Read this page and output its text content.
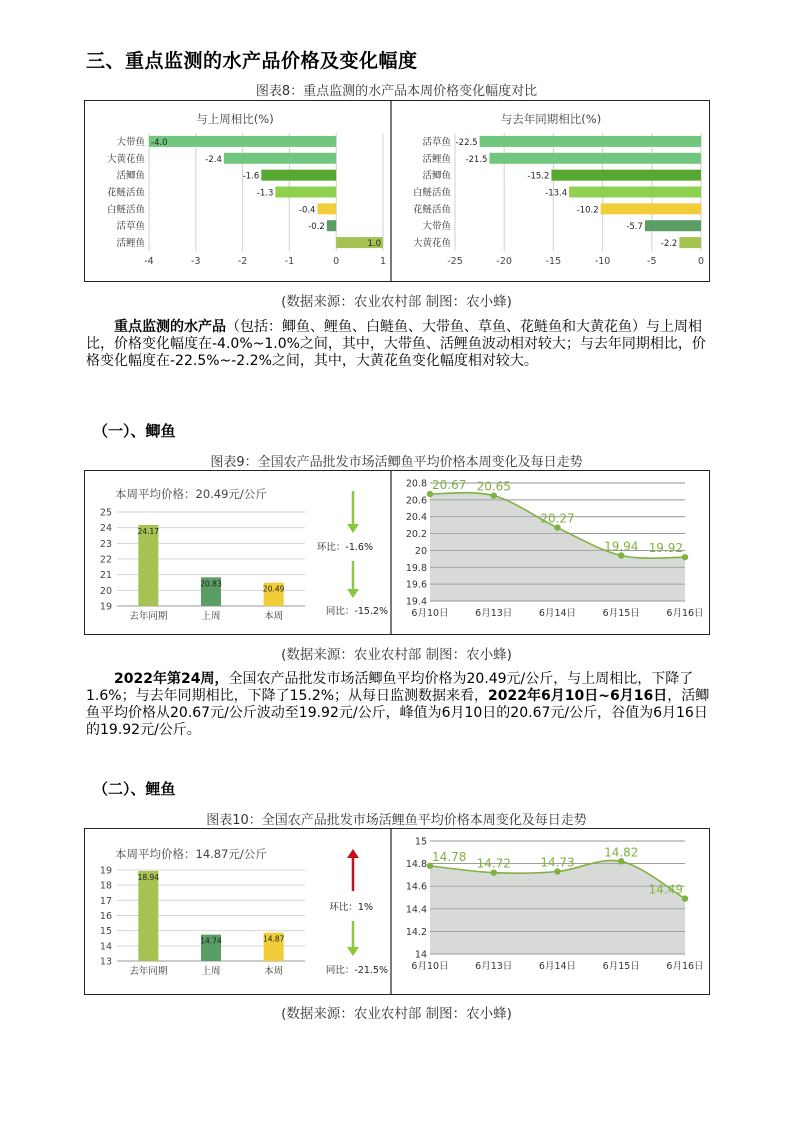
三、重点监测的水产品价格及变化幅度
图表8：重点监测的水产品本周价格变化幅度对比
与上周相比(%)
-4	-3	-2	-1	0	1
大带鱼 -4.0
大黄花鱼	-2.4
活鲫鱼	-1.6
花鲢活鱼	-1.3
白鲢活鱼	-0.4
活草鱼	-0.2
活鲤鱼	1.0
与去年同期相比(%)
-25	-20	-15	-10	-5	0
活草鱼 -22.5
活鲤鱼 -21.5
活鲫鱼	-15.2
白鲢活鱼	-13.4
花鲢活鱼	-10.2
大带鱼	-5.7
大黄花鱼	-2.2
(数据来源：农业农村部 制图：农小蜂)

重点监测的水产品（包括：鲫鱼、鲤鱼、白鲢鱼、大带鱼、草鱼、花鲢鱼和大黄花鱼）与上周相比，价格变化幅度在-4.0%~1.0%之间，其中，大带鱼、活鲤鱼波动相对较大；与去年同期相比，价格变化幅度在-22.5%~-2.2%之间，其中，大黄花鱼变化幅度相对较大。

（一）、鲫鱼
图表9：全国农产品批发市场活鲫鱼平均价格本周变化及每日走势
本周平均价格：20.49元/公斤
19
20
21
22
23
24
25
24.17
去年同期
20.83
上周
20.49
本周
环比：-1.6%
同比：-15.2%
19.4
19.6
19.8
20
20.2
20.4
20.6
20.8 20.67 20.65
20.27
19.94 19.92
6月10日	6月13日	6月14日	6月15日	6月16日
(数据来源：农业农村部 制图：农小蜂)

2022年第24周，全国农产品批发市场活鲫鱼平均价格为20.49元/公斤，与上周相比，下降了1.6%；与去年同期相比，下降了15.2%；从每日监测数据来看，2022年6月10日~6月16日，活鲫鱼平均价格从20.67元/公斤波动至19.92元/公斤，峰值为6月10日的20.67元/公斤，谷值为6月16日的19.92元/公斤。

（二）、鲤鱼
图表10：全国农产品批发市场活鲤鱼平均价格本周变化及每日走势
本周平均价格：14.87元/公斤
13
14
15
16
17
18
19
18.94
去年同期
14.74
上周
14.87
本周
环比：1%
同比：-21.5%
14
14.2
14.4
14.6
14.8
15
14.78 14.72 14.73
14.82
14.49
6月10日	6月13日	6月14日	6月15日	6月16日
(数据来源：农业农村部 制图：农小蜂)
